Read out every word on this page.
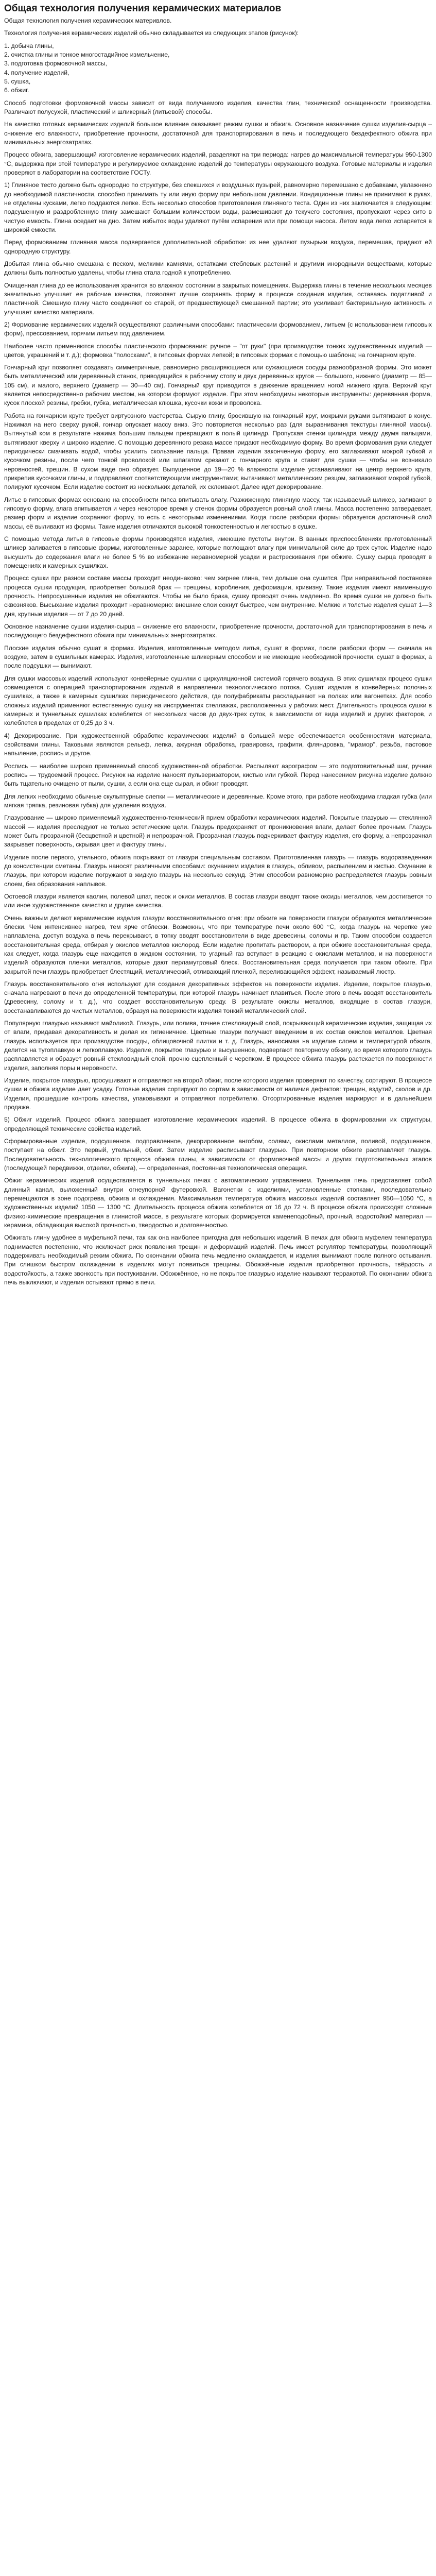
Общая технология получения керамических материалов
Общая технология получения керамических материвлов.
Технология получения керамических изделий обычно складывается из следующих этапов (рисунок):
1. добыча глины,
2. очистка глины и тонкое многостадийное измельчение,
3. подготовка формовочной массы,
4. получение изделий,
5. сушка,
6. обжиг.

Способ подготовки формовочной массы зависит от вида получаемого изделия, качества глин, технической оснащенности производства. Различают полусухой, пластический и шликерный (литьевой) способы.

На качество готовых керамических изделий большое влияние оказывает режим сушки и обжига. Основное назначение сушки изделия-сырца – снижение его влажности, приобретение прочности, достаточной для транспортирования в печь и последующего бездефектного обжига при минимальных энергозатратах.

Процесс обжига, завершающий изготовление керамических изделий, разделяют на три периода: нагрев до максимальной температуры 950-1300 °С, выдержка при этой температуре и регулируемое охлаждение изделий до температуры окружающего воздуха. Готовые материалы и изделия проверяют в лаборатории на соответствие ГОСТу.

1) Глиняное тесто должно быть однородно по структуре, без спекшихся и воздушных пузырей, равномерно перемешано с добавками, увлажнено до необходимой пластичности, способно принимать ту или иную форму при небольшом давлении. Кондиционные глины не принимают в руках, не отделены кусками, легко поддаются лепке. Есть несколько способов приготовления глиняного теста. Один из них заключается в следующем: подсушенную и раздробленную глину замешают большим количеством воды, размешивают до текучего состояния, пропускают через сито в чистую емкость. Глина оседает на дно. Затем избыток воды удаляют путём испарения или при помощи насоса. Летом вода легко испаряется в широкой емкости.

Перед формованием глиняная масса подвергается дополнительной обработке: из нее удаляют пузырьки воздуха, перемешав, придают ей однородную структуру.

Добытая глина обычно смешана с песком, мелкими камнями, остатками стеблевых растений и другими инородными веществами, которые должны быть полностью удалены, чтобы глина стала годной к употреблению.

Очищенная глина до ее использования хранится во влажном состоянии в закрытых помещениях. Выдержка глины в течение нескольких месяцев значительно улучшает ее рабочие качества, позволяет лучше сохранять форму в процессе создания изделия, оставаясь податливой и пластичной. Смешную глину часто соединяют со старой, от предшествующей смешанной партии; это усиливает бактериальную активность и улучшает качество материала.

2) Формование керамических изделий осуществляют различными способами: пластическим формованием, литьем (с использованием гипсовых форм), прессованием, горячим литьем под давлением.

Наиболее часто применяются способы пластического формования: ручное – "от руки" (при производстве тонких художественных изделий — цветов, украшений и т. д.); формовка "полосками", в гипсовых формах лепкой; в гипсовых формах с помощью шаблона; на гончарном круге.

Гончарный круг позволяет создавать симметричные, равномерно расширяющиеся или сужающиеся сосуды разнообразной формы. Это может быть металлический или деревянный станок, приводящийся в рабочему стопу и двух деревянных кругов — большого, нижнего (диаметр — 85—105 см), и малого, верхнего (диаметр — 30—40 см). Гончарный круг приводится в движение вращением ногой нижнего круга. Верхний круг является непосредственно рабочим местом, на котором формуют изделие. При этом необходимы некоторые инструменты: деревянная форма, кусок плоской резины, гребки, губка, металлическая клюшка, кусочки кожи и проволока.

Работа на гончарном круге требует виртуозного мастерства. Сырую глину, бросившую на гончарный круг, мокрыми руками вытягивают в конус. Нажимая на него сверху рукой, гончар опускает массу вниз. Это повторяется несколько раз (для выравнивания текстуры глиняной массы). Вытянутый ком в результате нажима большим пальцем превращают в полый цилиндр. Пропуская стенки цилиндра между двумя пальцами, вытягивают кверху и широко изделие. С помощью деревянного резака массе придают необходимую форму. Во время формования руки следует периодически смачивать водой, чтобы усилить скользание пальца. Правая изделия законченную форму, его заглаживают мокрой губкой и кусочком резины, после чего тонкой проволокой или шпагатом срезают с гончарного круга и ставят для сушки — чтобы не возникало неровностей, трещин. В сухом виде оно образует. Выпущенное до 19—20 % влажности изделие устанавливают на центр верхнего круга, прикрепив кусочками глины, и подправляют соответствующими инструментами; вытачивают металлическим резцом, заглаживают мокрой губкой, полируют кусочком. Если изделие состоит из нескольких деталей, их склеивают. Далее идет декорирование.

Литье в гипсовых формах основано на способности гипса впитывать влагу. Разжиженную глиняную массу, так называемый шликер, заливают в гипсовую форму, влага впитывается и через некоторое время у стенок формы образуется ровный слой глины. Масса постепенно затвердевает, размер форм и изделие сохраняют форму, то есть с некоторыми изменениями. Когда после разборки формы образуется достаточный слой массы, её выливают из формы. Такие изделия отличаются высокой тонкостенностью и легкостью в сушке.

С помощью метода литья в гипсовые формы производятся изделия, имеющие пустоты внутри. В ванных приспособлениях приготовленный шликер заливается в гипсовые формы, изготовленные заранее, которые поглощают влагу при минимальной силе до трех суток. Изделие надо высушить до содержания влаги не более 5 % во избежание неравномерной усадки и растрескивания при обжиге. Сушку сырца проводят в помещениях и камерных сушилках.

Процесс сушки при разном составе массы проходит неодинаково: чем жирнее глина, тем дольше она сушится. При неправильной постановке процесса сушки продукция, приобретает большой брак — трещины, коробления, деформации, кривизну. Такие изделия имеют наименьшую прочность. Непросушенные изделия не обжигаются. Чтобы не было брака, сушку проводят очень медленно. Во время сушки не должно быть сквозняков. Высыхание изделия проходит неравномерно: внешние слои сохнут быстрее, чем внутренние. Мелкие и толстые изделия сушат 1—3 дня, крупные изделия — от 7 до 20 дней.

Основное назначение сушки изделия-сырца – снижение его влажности, приобретение прочности, достаточной для транспортирования в печь и последующего бездефектного обжига при минимальных энергозатратах.

Плоские изделия обычно сушат в формах. Изделия, изготовленные методом литья, сушат в формах, после разборки форм — сначала на воздухе, затем в сушильных камерах. Изделия, изготовленные шликерным способом и не имеющие необходимой прочности, сушат в формах, а после подсушки — вынимают.

Для сушки массовых изделий используют конвейерные сушилки с циркуляционной системой горячего воздуха. В этих сушилках процесс сушки совмещается с операцией транспортирования изделий в направлении технологического потока. Сушат изделия в конвейерных полочных сушилках, а также в камерных сушилках периодического действия, где полуфабрикаты раскладывают на полках или вагонетках. Для особо сложных изделий применяют естественную сушку на инструментах стеллажах, расположенных у рабочих мест. Длительность процесса сушки в камерных и туннельных сушилках колеблется от нескольких часов до двух-трех суток, в зависимости от вида изделий и других факторов, и колеблется в пределах от 0,25 до 3 ч.

4) Декорирование. При художественной обработке керамических изделий в большей мере обеспечивается особенностями материала, свойствами глины. Таковыми являются рельеф, лепка, ажурная обработка, гравировка, графити, фляндровка, "мрамор", резьба, пастовое напыление, роспись и другое.

Роспись — наиболее широко применяемый способ художественной обработки. Распыляют аэрографом — это подготовительный шаг, ручная роспись — трудоемкий процесс. Рисунок на изделие наносят пульверизатором, кистью или губкой. Перед нанесением рисунка изделие должно быть тщательно очищено от пыли, сушки, а если она еще сырая, и обжиг проводят.

Для легких необходимо обычные скульптурные слепки — металлические и деревянные. Кроме этого, при работе необходима гладкая губка (или мягкая тряпка, резиновая губка) для удаления воздуха.

Глазурование — широко применяемый художественно-технический прием обработки керамических изделий. Покрытые глазурью — стеклянной массой — изделия преследуют не только эстетические цели. Глазурь предохраняет от проникновения влаги, делает более прочным. Глазурь может быть прозрачной (бесцветной и цветной) и непрозрачной. Прозрачная глазурь подчеркивает фактуру изделия, его форму, а непрозрачная закрывает поверхность, скрывая цвет и фактуру глины.

Изделие после первого, утельного, обжига покрывают от глазури специальным составом. Приготовленная глазурь — глазурь водоразведенная до консистенции сметаны. Глазурь наносят различными способами: окунанием изделия в глазурь, обливом, распылением и кистью. Окунание в глазурь, при котором изделие погружают в жидкую глазурь на несколько секунд. Этим способом равномерно распределяется глазурь ровным слоем, без образования наплывов.

Остоевой глазури является каолин, полевой шпат, песок и окиси металлов. В состав глазури вводят также оксиды металлов, чем достигается то или иное художественное качество и другие качества.

Очень важным делают керамические изделия глазури восстановительного огня: при обжиге на поверхности глазури образуются металлические блески. Чем интенсивнее нагрев, тем ярче отблески. Возможны, что при температуре печи около 600 °С, когда глазурь на черепке уже наплавлена, доступ воздуха в печь перекрывают, в топку вводят восстановители в виде древесины, соломы и пр. Таким способом создается восстановительная среда, отбирая у окислов металлов кислород. Если изделие пропитать раствором, а при обжиге восстановительная среда, как следует, когда глазурь еще находится в жидком состоянии, то угарный газ вступает в реакцию с окислами металлов, и на поверхности изделий образуются пленки металлов, которые дают перламутровый блеск. Восстановительная среда получается при таком обжиге. При закрытой печи глазурь приобретает блестящий, металлический, отливающий пленкой, переливающийся эффект, называемый люстр.

Глазурь восстановительного огня используют для создания декоративных эффектов на поверхности изделия. Изделие, покрытое глазурью, сначала нагревают в печи до определенной температуры, при которой глазурь начинает плавиться. После этого в печь вводят восстановитель (древесину, солому и т. д.), что создает восстановительную среду. В результате окислы металлов, входящие в состав глазури, восстанавливаются до чистых металлов, образуя на поверхности изделия тонкий металлический слой.

Популярную глазурью называют майоликой. Глазурь, или полива, точнее стекловидный слой, покрывающий керамические изделия, защищая их от влаги, придавая декоративность и делая их гигиеничнее. Цветные глазури получают введением в их состав окислов металлов. Цветная глазурь используется при производстве посуды, облицовочной плитки и т. д. Глазурь, наносимая на изделие слоем и температурой обжига, делится на тугоплавкую и легкоплавкую. Изделие, покрытое глазурью и высушенное, подвергают повторному обжигу, во время которого глазурь расплавляется и образует ровный стекловидный слой, прочно сцепленный с черепком. В процессе обжига глазурь растекается по поверхности изделия, заполняя поры и неровности.

Изделие, покрытое глазурью, просушивают и отправляют на второй обжиг, после которого изделия проверяют по качеству, сортируют. В процессе сушки и обжига изделие дает усадку. Готовые изделия сортируют по сортам в зависимости от наличия дефектов: трещин, вздутий, сколов и др. Изделия, прошедшие контроль качества, упаковывают и отправляют потребителю. Отсортированные изделия маркируют и в дальнейшем продаже.

5) Обжиг изделий. Процесс обжига завершает изготовление керамических изделий. В процессе обжига в формировании их структуры, определяющей технические свойства изделий.

Сформированные изделие, подсушенное, подправленное, декорированное ангобом, солями, окислами металлов, поливой, подсушенное, поступает на обжиг. Это первый, утельный, обжиг. Затем изделие расписывают глазурью. При повторном обжиге расплавляют глазурь. Последовательность технологического процесса обжига глины, в зависимости от формовочной массы и других подготовительных этапов (последующей передвижки, отделки, обжига), — определенная, постоянная технологическая операция.

Обжиг керамических изделий осуществляется в туннельных печах с автоматическим управлением. Туннельная печь представляет собой длинный канал, выложенный внутри огнеупорной футеровкой. Вагонетки с изделиями, установленные стопками, последовательно перемещаются в зоне подогрева, обжига и охлаждения. Максимальная температура обжига массовых изделий составляет 950—1050 °С, а художественных изделий 1050 — 1300 °С. Длительность процесса обжига колеблется от 16 до 72 ч. В процессе обжига происходят сложные физико-химические превращения в глинистой массе, в результате которых формируется каменеподобный, прочный, водостойкий материал — керамика, обладающая высокой прочностью, твердостью и долговечностью.

Обжигать глину удобнее в муфельной печи, так как она наиболее пригодна для небольших изделий. В печах для обжига муфелем температура поднимается постепенно, что исключает риск появления трещин и деформаций изделий. Печь имеет регулятор температуры, позволяющий поддерживать необходимый режим обжига. По окончании обжига печь медленно охлаждается, и изделия вынимают после полного остывания. При слишком быстром охлаждении в изделиях могут появиться трещины. Обожжённые изделия приобретают прочность, твёрдость и водостойкость, а также звонкость при постукивании. Обожжённое, но не покрытое глазурью изделие называют терракотой. По окончании обжига печь выключают, и изделия остывают прямо в печи.
